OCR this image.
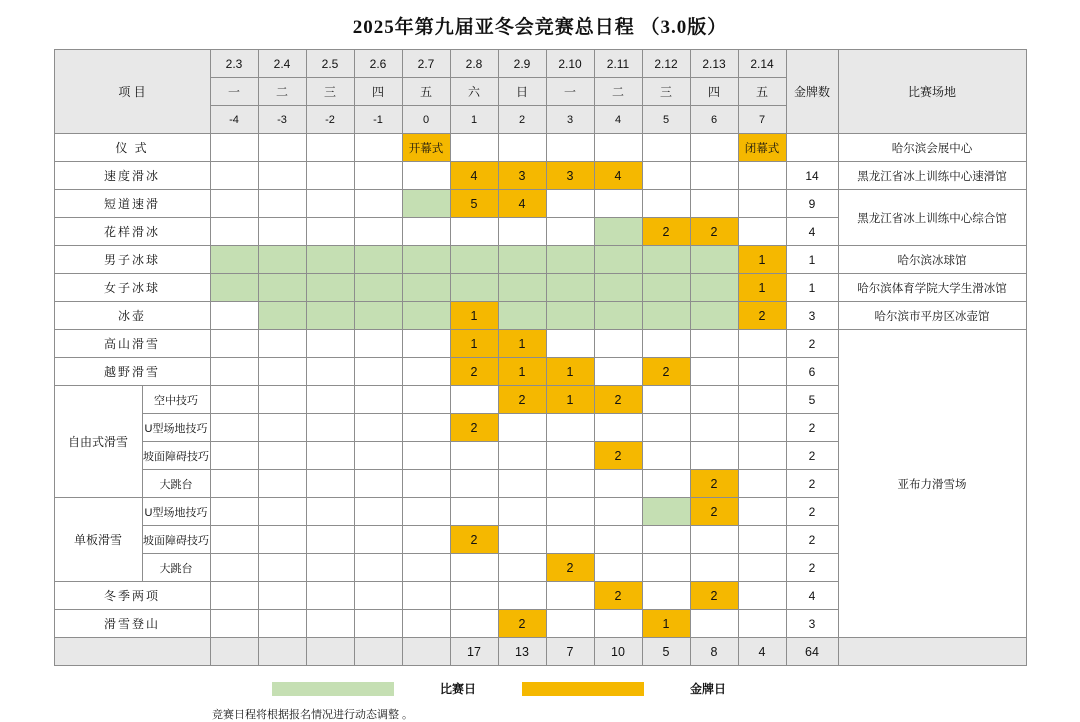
2025年第九届亚冬会竞赛总日程 （3.0版）
项 目		2.3	2.4	2.5	2.6	2.7	2.8	2.9	2.10	2.11	2.12	2.13	2.14	金牌数	比赛场地
		一	二	三	四	五	六	日	一	二	三	四	五		
		-4	-3	-2	-1	0	1	2	3	4	5	6	7		
仪 式						开幕式							闭幕式		哈尔滨会展中心
速度滑冰							4	3	3	4				14	黑龙江省冰上训练中心速滑馆
短道速滑							5	4						9	黑龙江省冰上训练中心综合馆
花样滑冰											2	2		4	
男子冰球													1	1	哈尔滨冰球馆
女子冰球													1	1	哈尔滨体育学院大学生滑冰馆
冰壶							1						2	3	哈尔滨市平房区冰壶馆
高山滑雪							1	1						2	亚布力滑雪场
越野滑雪							2	1	1		2			6	
自由式滑雪	空中技巧							2	1	2				5	
	U型场地技巧						2							2	
	坡面障碍技巧									2				2	
	大跳台											2		2	
单板滑雪	U型场地技巧											2		2	
	坡面障碍技巧						2							2	
	大跳台								2					2	
冬季两项										2		2		4	
滑雪登山								2			1			3	
							17	13	7	10	5	8	4	64	
比赛日	金牌日
竞赛日程将根据报名情况进行动态调整 。
